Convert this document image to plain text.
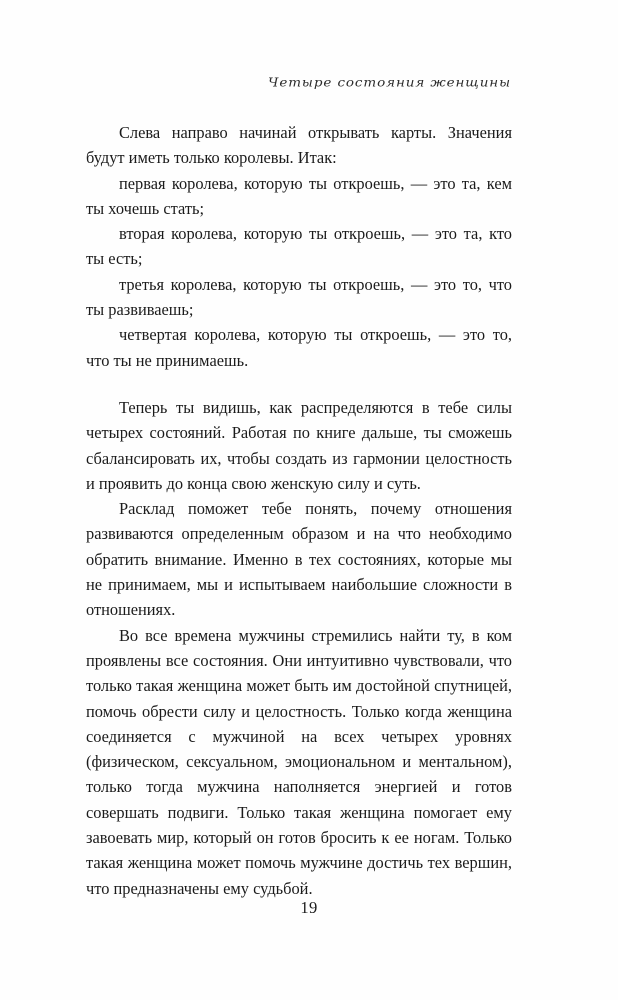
Четыре состояния женщины

Слева направо начинай открывать карты. Значения будут иметь только королевы. Итак:

первая королева, которую ты откроешь, — это та, кем ты хочешь стать;
вторая королева, которую ты откроешь, — это та, кто ты есть;
третья королева, которую ты откроешь, — это то, что ты развиваешь;
четвертая королева, которую ты откроешь, — это то, что ты не принимаешь.

Теперь ты видишь, как распределяются в тебе силы четырех состояний. Работая по книге дальше, ты сможешь сбалансировать их, чтобы создать из гармонии целостность и проявить до конца свою женскую силу и суть.

Расклад поможет тебе понять, почему отношения развиваются определенным образом и на что необходимо обратить внимание. Именно в тех состояниях, которые мы не принимаем, мы и испытываем наибольшие сложности в отношениях.

Во все времена мужчины стремились найти ту, в ком проявлены все состояния. Они интуитивно чувствовали, что только такая женщина может быть им достойной спутницей, помочь обрести силу и целостность. Только когда женщина соединяется с мужчиной на всех четырех уровнях (физическом, сексуальном, эмоциональном и ментальном), только тогда мужчина наполняется энергией и готов совершать подвиги. Только такая женщина помогает ему завоевать мир, который он готов бросить к ее ногам. Только такая женщина может помочь мужчине достичь тех вершин, что предназначены ему судьбой.

19
